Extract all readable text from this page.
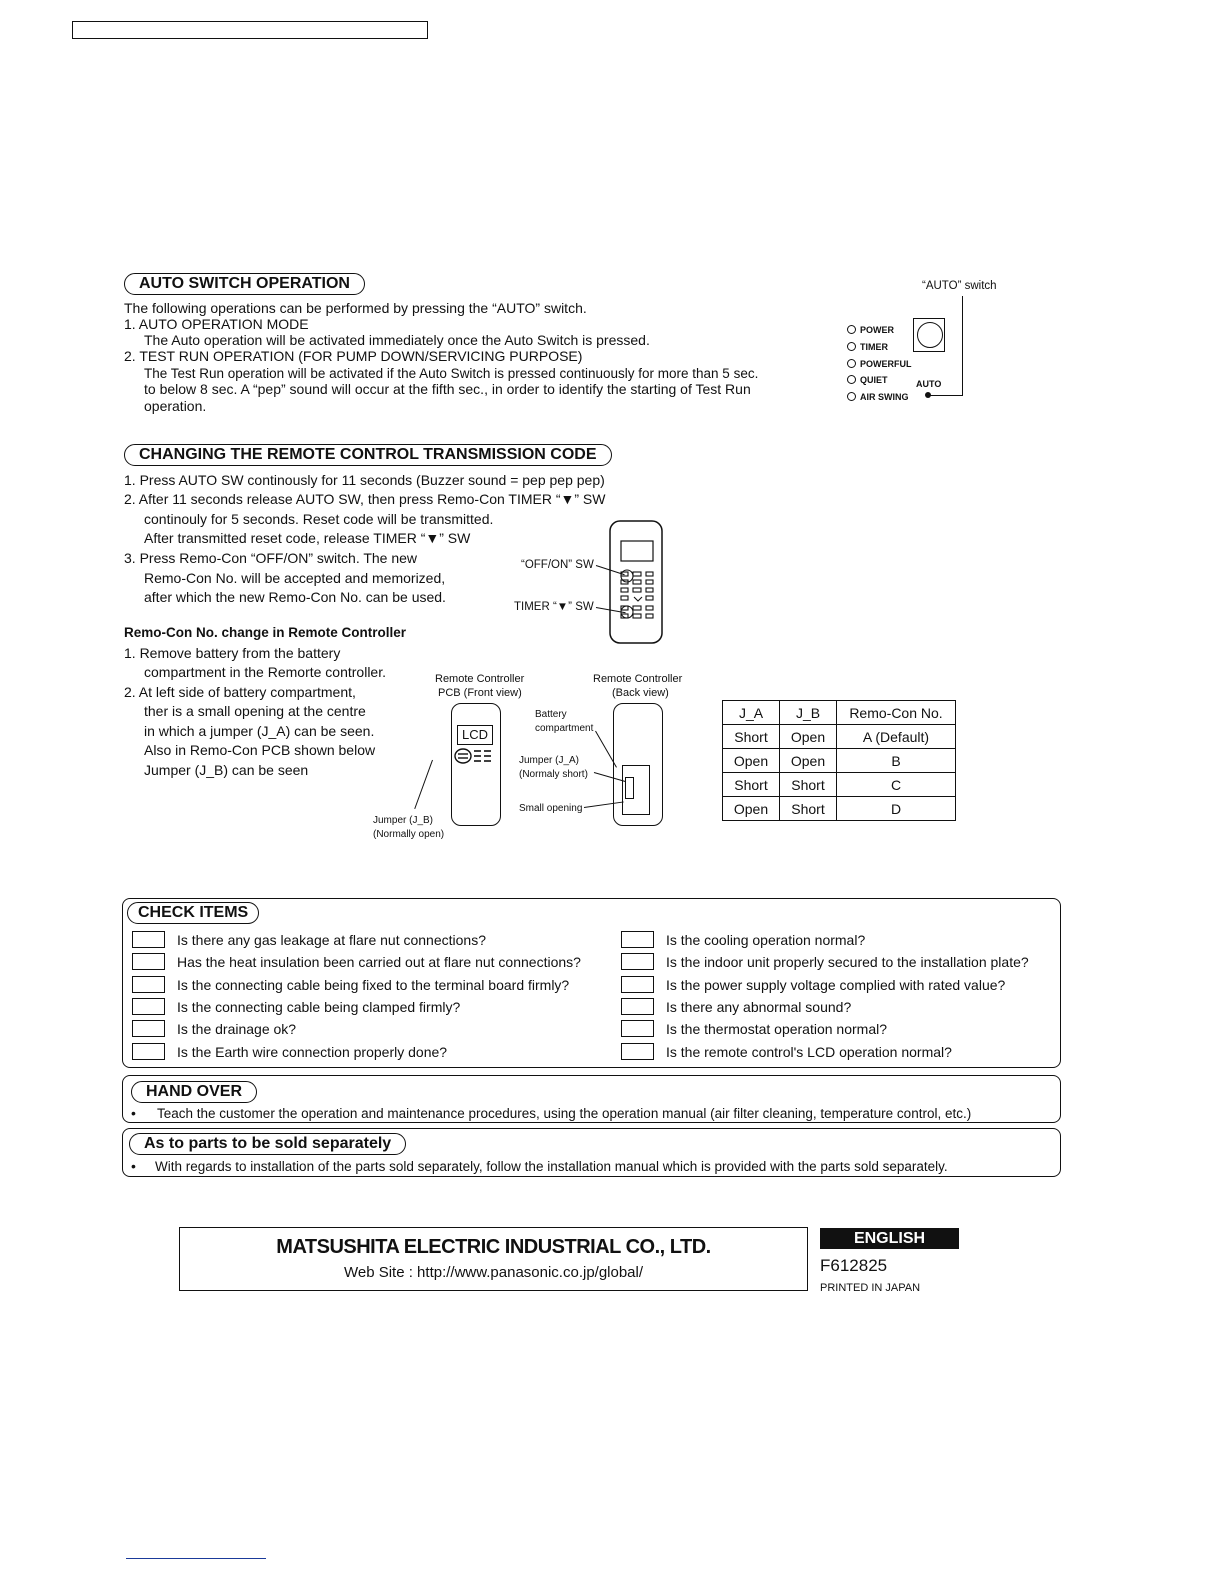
AUTO SWITCH OPERATION
The following operations can be performed by pressing the “AUTO” switch.
1. AUTO OPERATION MODE
The Auto operation will be activated immediately once the Auto Switch is pressed.
2. TEST RUN OPERATION (FOR PUMP DOWN/SERVICING PURPOSE)
The Test Run operation will be activated if the Auto Switch is pressed continuously for more than 5 sec.
to below 8 sec. A “pep” sound will occur at the fifth sec., in order to identify the starting of Test Run
operation.
“AUTO” switch
POWER
TIMER
POWERFUL
QUIET
AIR SWING
AUTO
CHANGING THE REMOTE CONTROL TRANSMISSION CODE
1. Press AUTO SW continously for 11 seconds (Buzzer sound = pep pep pep)
2. After 11 seconds release AUTO SW, then press Remo-Con TIMER “▼” SW
continouly for 5 seconds. Reset code will be transmitted.
After transmitted reset code, release TIMER “▼” SW
3. Press Remo-Con “OFF/ON” switch. The new
Remo-Con No. will be accepted and memorized,
after which the new Remo-Con No. can be used.
“OFF/ON” SW
TIMER “▼” SW
Remo-Con No. change in Remote Controller
1. Remove battery from the battery
compartment in the Remorte controller.
2. At left side of battery compartment,
ther is a small opening at the centre
in which a jumper (J_A) can be seen.
Also in Remo-Con PCB shown below
Jumper (J_B) can be seen
Remote Controller
PCB (Front view)
LCD
Jumper (J_B)
(Normally open)
Remote Controller
(Back view)
Battery
compartment
Jumper (J_A)
(Normaly short)
Small opening
J_A	J_B	Remo-Con No.
Short	Open	A (Default)
Open	Open	B
Short	Short	C
Open	Short	D
CHECK ITEMS
Is there any gas leakage at flare nut connections?
Has the heat insulation been carried out at flare nut connections?
Is the connecting cable being fixed to the terminal board firmly?
Is the connecting cable being clamped firmly?
Is the drainage ok?
Is the Earth wire connection properly done?
Is the cooling operation normal?
Is the indoor unit properly secured to the installation plate?
Is the power supply voltage complied with rated value?
Is there any abnormal sound?
Is the thermostat operation normal?
Is the remote control's LCD operation normal?
HAND OVER
• Teach the customer the operation and maintenance procedures, using the operation manual (air filter cleaning, temperature control, etc.)
As to parts to be sold separately
• With regards to installation of the parts sold separately, follow the installation manual which is provided with the parts sold separately.
MATSUSHITA ELECTRIC INDUSTRIAL CO., LTD.
Web Site : http://www.panasonic.co.jp/global/
ENGLISH
F612825
PRINTED IN JAPAN
